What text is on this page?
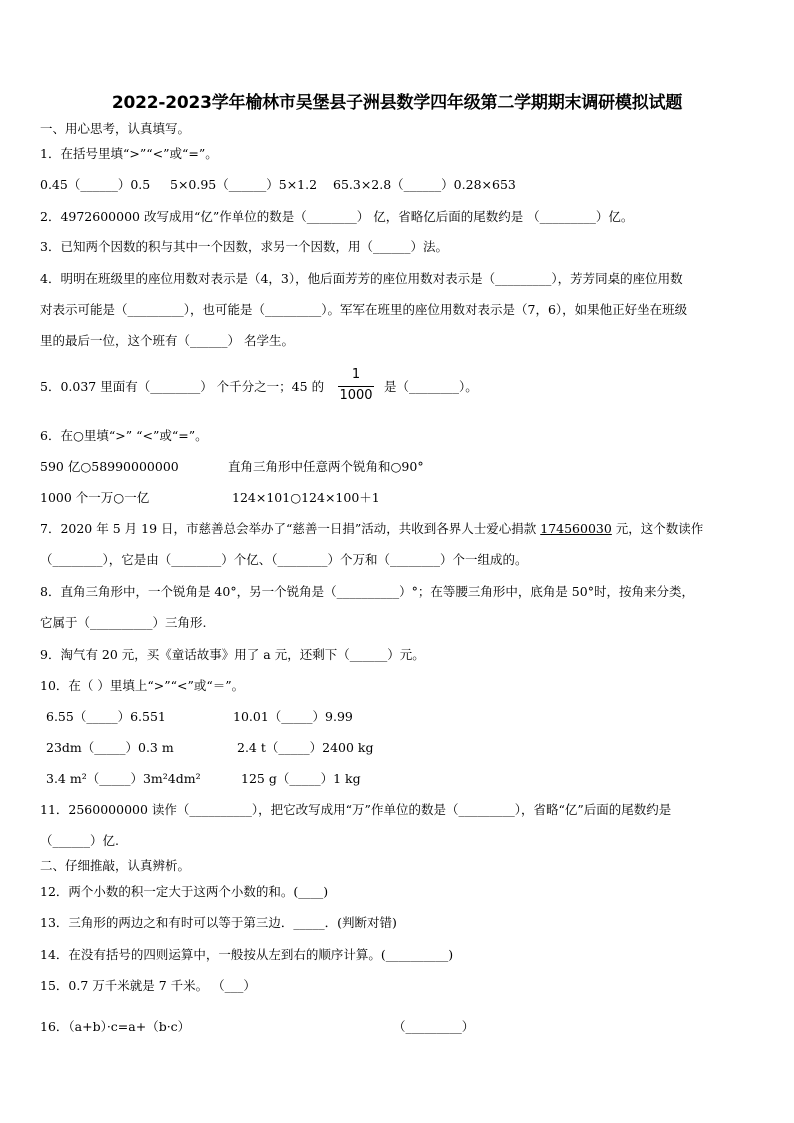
2022-2023学年榆林市吴堡县子洲县数学四年级第二学期期末调研模拟试题
一、用心思考，认真填写。
1．在括号里填“>”“<”或“=”。
0.45（______）0.5 5×0.95（______）5×1.2 65.3×2.8（______）0.28×653
2．4972600000 改写成用“亿”作单位的数是（________） 亿，省略亿后面的尾数约是 （_________）亿。
3．已知两个因数的积与其中一个因数，求另一个因数，用（______）法。
4．明明在班级里的座位用数对表示是（4，3），他后面芳芳的座位用数对表示是（_________），芳芳同桌的座位用数
对表示可能是（_________），也可能是（_________）。军军在班里的座位用数对表示是（7，6），如果他正好坐在班级
里的最后一位，这个班有（______） 名学生。
5．0.037 里面有（________） 个千分之一；45 的
1
1000
是（________）。
6．在○里填“>” “<”或“=”。
590 亿○58990000000	直角三角形中任意两个锐角和○90°
1000 个一万○一亿	124×101○124×100＋1
7．2020 年 5 月 19 日，市慈善总会举办了“慈善一日捐”活动，共收到各界人士爱心捐款 174560030 元，这个数读作
（________），它是由（________）个亿、（________）个万和（________）个一组成的。
8．直角三角形中，一个锐角是 40°，另一个锐角是（__________）°；在等腰三角形中，底角是 50°时，按角来分类，
它属于（__________）三角形.
9．淘气有 20 元，买《童话故事》用了 a 元，还剩下（______）元。
10．在（ ）里填上“>”“<”或“＝”。
6.55（_____）6.551	10.01（_____）9.99
23dm（_____）0.3 m	2.4 t（_____）2400 kg
3.4 m²（_____）3m²4dm²	125 g（_____）1 kg
11．2560000000 读作（__________），把它改写成用“万”作单位的数是（_________），省略“亿”后面的尾数约是
（______）亿.
二、仔细推敲，认真辨析。
12．两个小数的积一定大于这两个小数的和。(____)
13．三角形的两边之和有时可以等于第三边．_____．(判断对错)
14．在没有括号的四则运算中，一般按从左到右的顺序计算。(__________)
15．0.7 万千米就是 7 千米。 （___）
16．（a+b）·c=a+（b·c）	（_________）
